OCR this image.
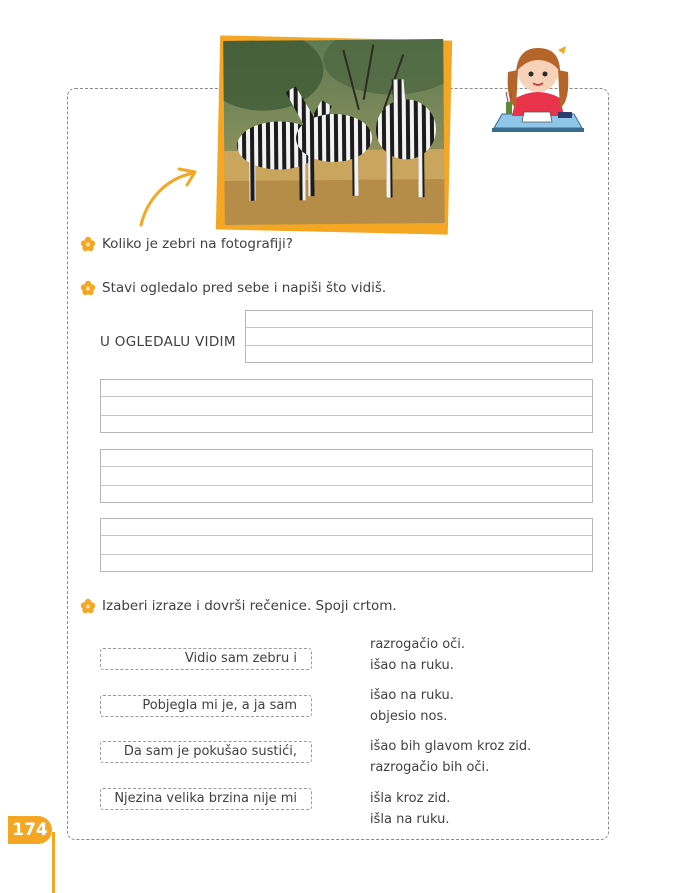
Koliko je zebri na fotografiji?
Stavi ogledalo pred sebe i napiši što vidiš.
U OGLEDALU VIDIM
Izaberi izraze i dovrši rečenice. Spoji crtom.
Vidio sam zebru i
razrogačio oči.
išao na ruku.
Pobjegla mi je, a ja sam
išao na ruku.
objesio nos.
Da sam je pokušao sustići,	išao bih glavom kroz zid.
razrogačio bih oči.
Njezina velika brzina nije mi	išla kroz zid.
išla na ruku.
174
